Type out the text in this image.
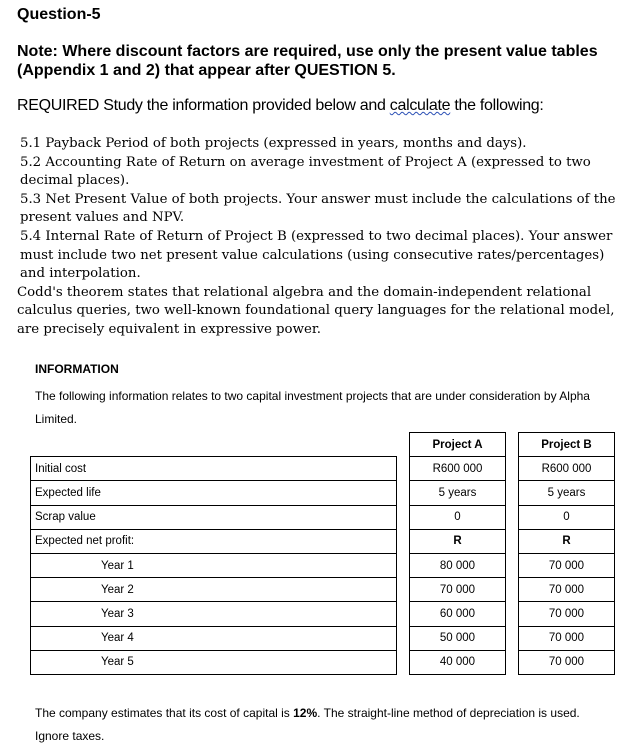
Question-5
Note: Where discount factors are required, use only the present value tables (Appendix 1 and 2) that appear after QUESTION 5.
REQUIRED Study the information provided below and calculate the following:

5.1 Payback Period of both projects (expressed in years, months and days).

5.2 Accounting Rate of Return on average investment of Project A (expressed to two decimal places).

5.3 Net Present Value of both projects. Your answer must include the calculations of the present values and NPV.

5.4 Internal Rate of Return of Project B (expressed to two decimal places). Your answer must include two net present value calculations (using consecutive rates/percentages) and interpolation.

Codd's theorem states that relational algebra and the domain-independent relational calculus queries, two well-known foundational query languages for the relational model, are precisely equivalent in expressive power.

INFORMATION
The following information relates to two capital investment projects that are under consideration by Alpha Limited.
		Project A		Project B
Initial cost		R600 000		R600 000
Expected life		5 years		5 years
Scrap value		0		0
Expected net profit:		R		R
Year 1		80 000		70 000
Year 2		70 000		70 000
Year 3		60 000		70 000
Year 4		50 000		70 000
Year 5		40 000		70 000
The company estimates that its cost of capital is 12%. The straight-line method of depreciation is used. Ignore taxes.
